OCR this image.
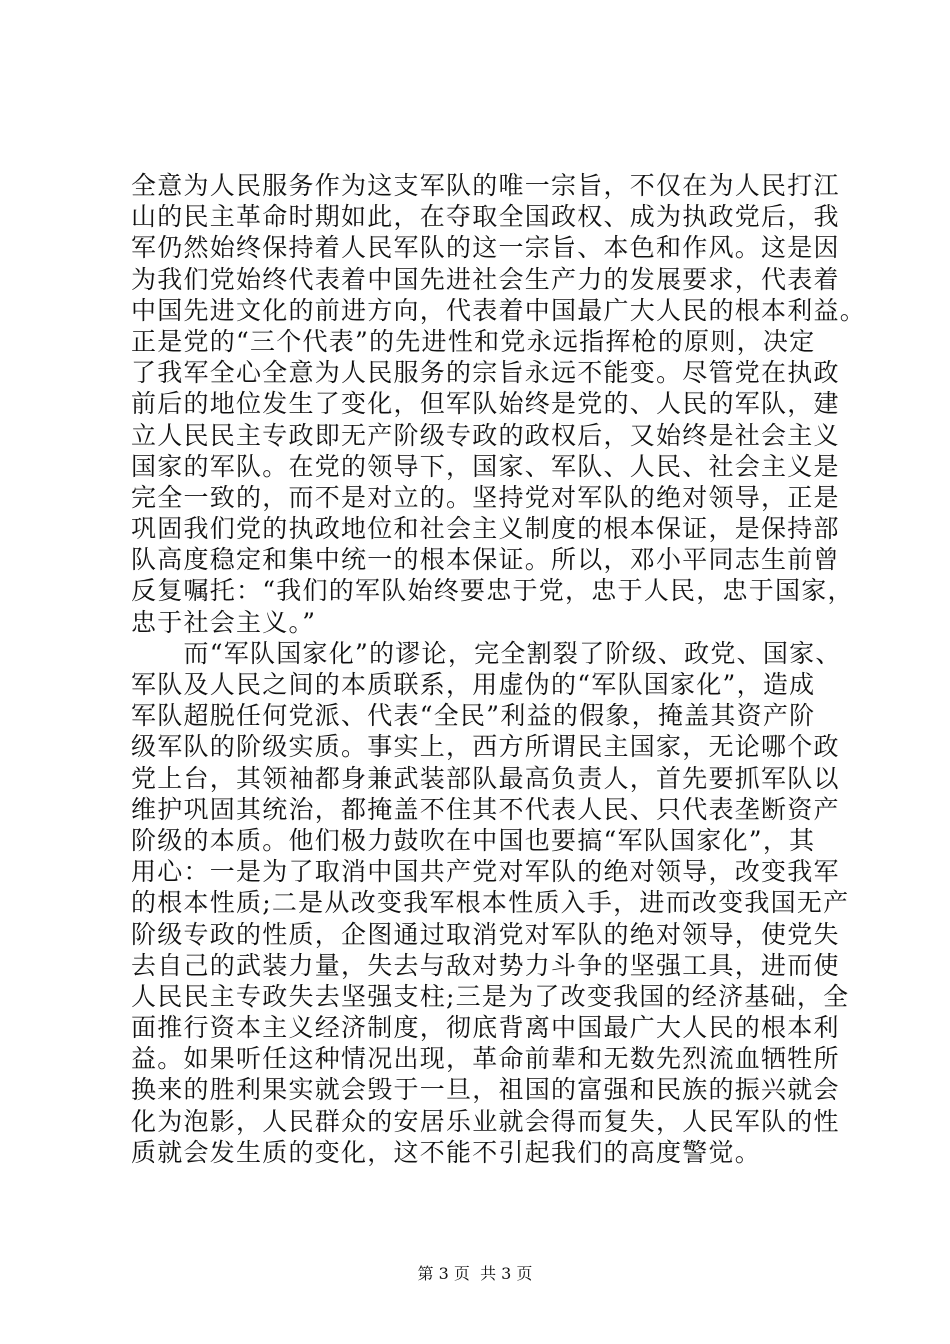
全意为人民服务作为这支军队的唯一宗旨，不仅在为人民打江
山的民主革命时期如此，在夺取全国政权、成为执政党后，我
军仍然始终保持着人民军队的这一宗旨、本色和作风。这是因
为我们党始终代表着中国先进社会生产力的发展要求，代表着
中国先进文化的前进方向，代表着中国最广大人民的根本利益。
正是党的“三个代表”的先进性和党永远指挥枪的原则，决定
了我军全心全意为人民服务的宗旨永远不能变。尽管党在执政
前后的地位发生了变化，但军队始终是党的、人民的军队，建
立人民民主专政即无产阶级专政的政权后，又始终是社会主义
国家的军队。在党的领导下，国家、军队、人民、社会主义是
完全一致的，而不是对立的。坚持党对军队的绝对领导，正是
巩固我们党的执政地位和社会主义制度的根本保证，是保持部
队高度稳定和集中统一的根本保证。所以，邓小平同志生前曾
反复嘱托：“我们的军队始终要忠于党，忠于人民，忠于国家，
忠于社会主义。”
　　而“军队国家化”的谬论，完全割裂了阶级、政党、国家、
军队及人民之间的本质联系，用虚伪的“军队国家化”，造成
军队超脱任何党派、代表“全民”利益的假象，掩盖其资产阶
级军队的阶级实质。事实上，西方所谓民主国家，无论哪个政
党上台，其领袖都身兼武装部队最高负责人，首先要抓军队以
维护巩固其统治，都掩盖不住其不代表人民、只代表垄断资产
阶级的本质。他们极力鼓吹在中国也要搞“军队国家化”，其
用心：一是为了取消中国共产党对军队的绝对领导，改变我军
的根本性质;二是从改变我军根本性质入手，进而改变我国无产
阶级专政的性质，企图通过取消党对军队的绝对领导，使党失
去自己的武装力量，失去与敌对势力斗争的坚强工具，进而使
人民民主专政失去坚强支柱;三是为了改变我国的经济基础，全
面推行资本主义经济制度，彻底背离中国最广大人民的根本利
益。如果听任这种情况出现，革命前辈和无数先烈流血牺牲所
换来的胜利果实就会毁于一旦，祖国的富强和民族的振兴就会
化为泡影，人民群众的安居乐业就会得而复失，人民军队的性
质就会发生质的变化，这不能不引起我们的高度警觉。
第 3 页  共 3 页
